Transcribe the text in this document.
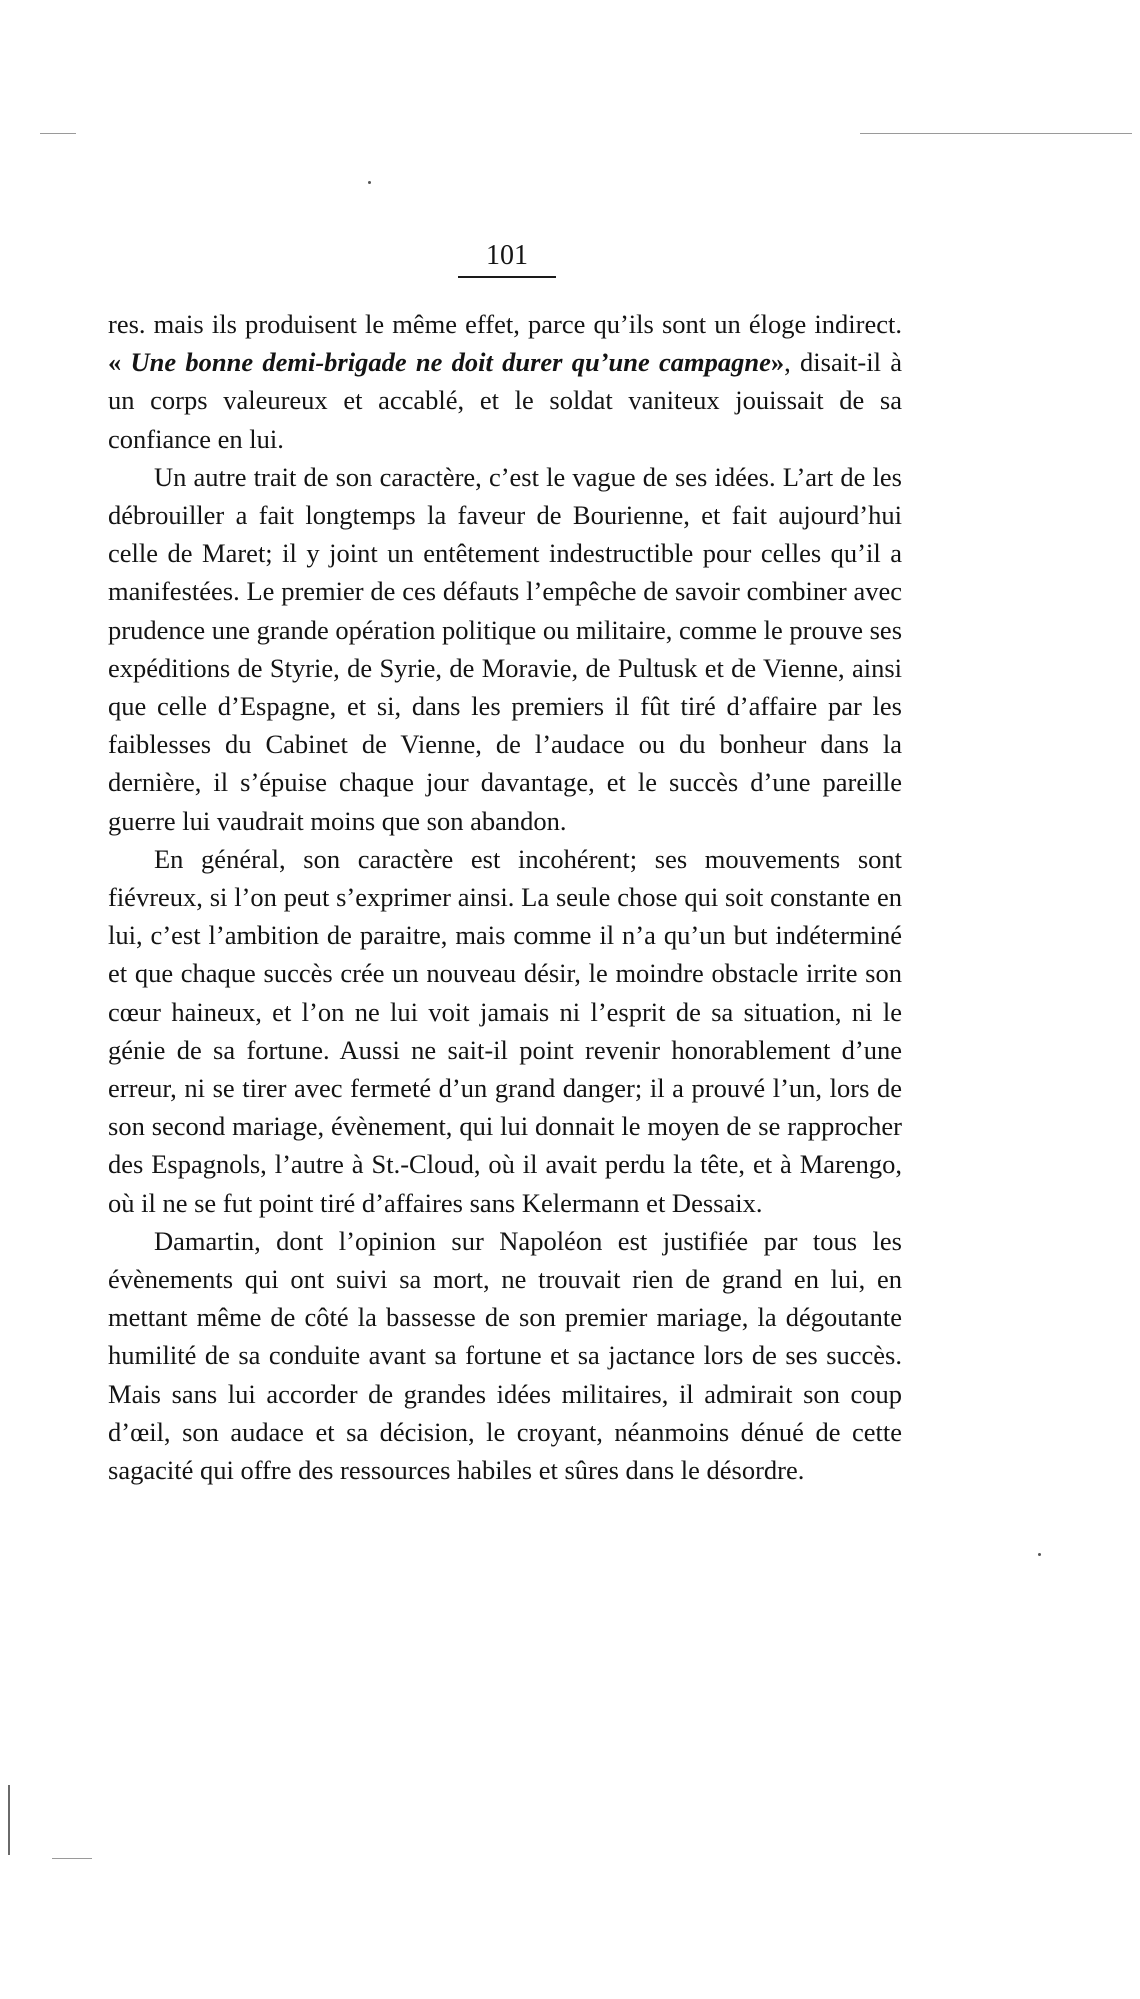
101

res. mais ils produisent le même effet, parce qu’ils sont un éloge indirect. « Une bonne demi-brigade ne doit durer qu’une campagne», disait-il à un corps valeureux et accablé, et le soldat vaniteux jouissait de sa confiance en lui.

Un autre trait de son caractère, c’est le vague de ses idées. L’art de les débrouiller a fait longtemps la faveur de Bourienne, et fait aujourd’hui celle de Maret; il y joint un entêtement indestructible pour celles qu’il a manifestées. Le premier de ces défauts l’empêche de savoir combiner avec prudence une grande opération politique ou militaire, comme le prouve ses expéditions de Styrie, de Syrie, de Moravie, de Pultusk et de Vienne, ainsi que celle d’Espagne, et si, dans les premiers il fût tiré d’affaire par les faiblesses du Cabinet de Vienne, de l’audace ou du bonheur dans la dernière, il s’épuise chaque jour davantage, et le succès d’une pareille guerre lui vaudrait moins que son abandon.

En général, son caractère est incohérent; ses mouvements sont fiévreux, si l’on peut s’exprimer ainsi. La seule chose qui soit constante en lui, c’est l’ambition de paraitre, mais comme il n’a qu’un but indéterminé et que chaque succès crée un nouveau désir, le moindre obstacle irrite son cœur haineux, et l’on ne lui voit jamais ni l’esprit de sa situation, ni le génie de sa fortune. Aussi ne sait-il point revenir honorablement d’une erreur, ni se tirer avec fermeté d’un grand danger; il a prouvé l’un, lors de son second mariage, évènement, qui lui donnait le moyen de se rapprocher des Espagnols, l’autre à St.-Cloud, où il avait perdu la tête, et à Marengo, où il ne se fut point tiré d’affaires sans Kelermann et Dessaix.

Damartin, dont l’opinion sur Napoléon est justifiée par tous les évènements qui ont suivi sa mort, ne trouvait rien de grand en lui, en mettant même de côté la bassesse de son premier mariage, la dégoutante humilité de sa conduite avant sa fortune et sa jactance lors de ses succès. Mais sans lui accorder de grandes idées militaires, il admirait son coup d’œil, son audace et sa décision, le croyant, néanmoins dénué de cette sagacité qui offre des ressources habiles et sûres dans le désordre.
